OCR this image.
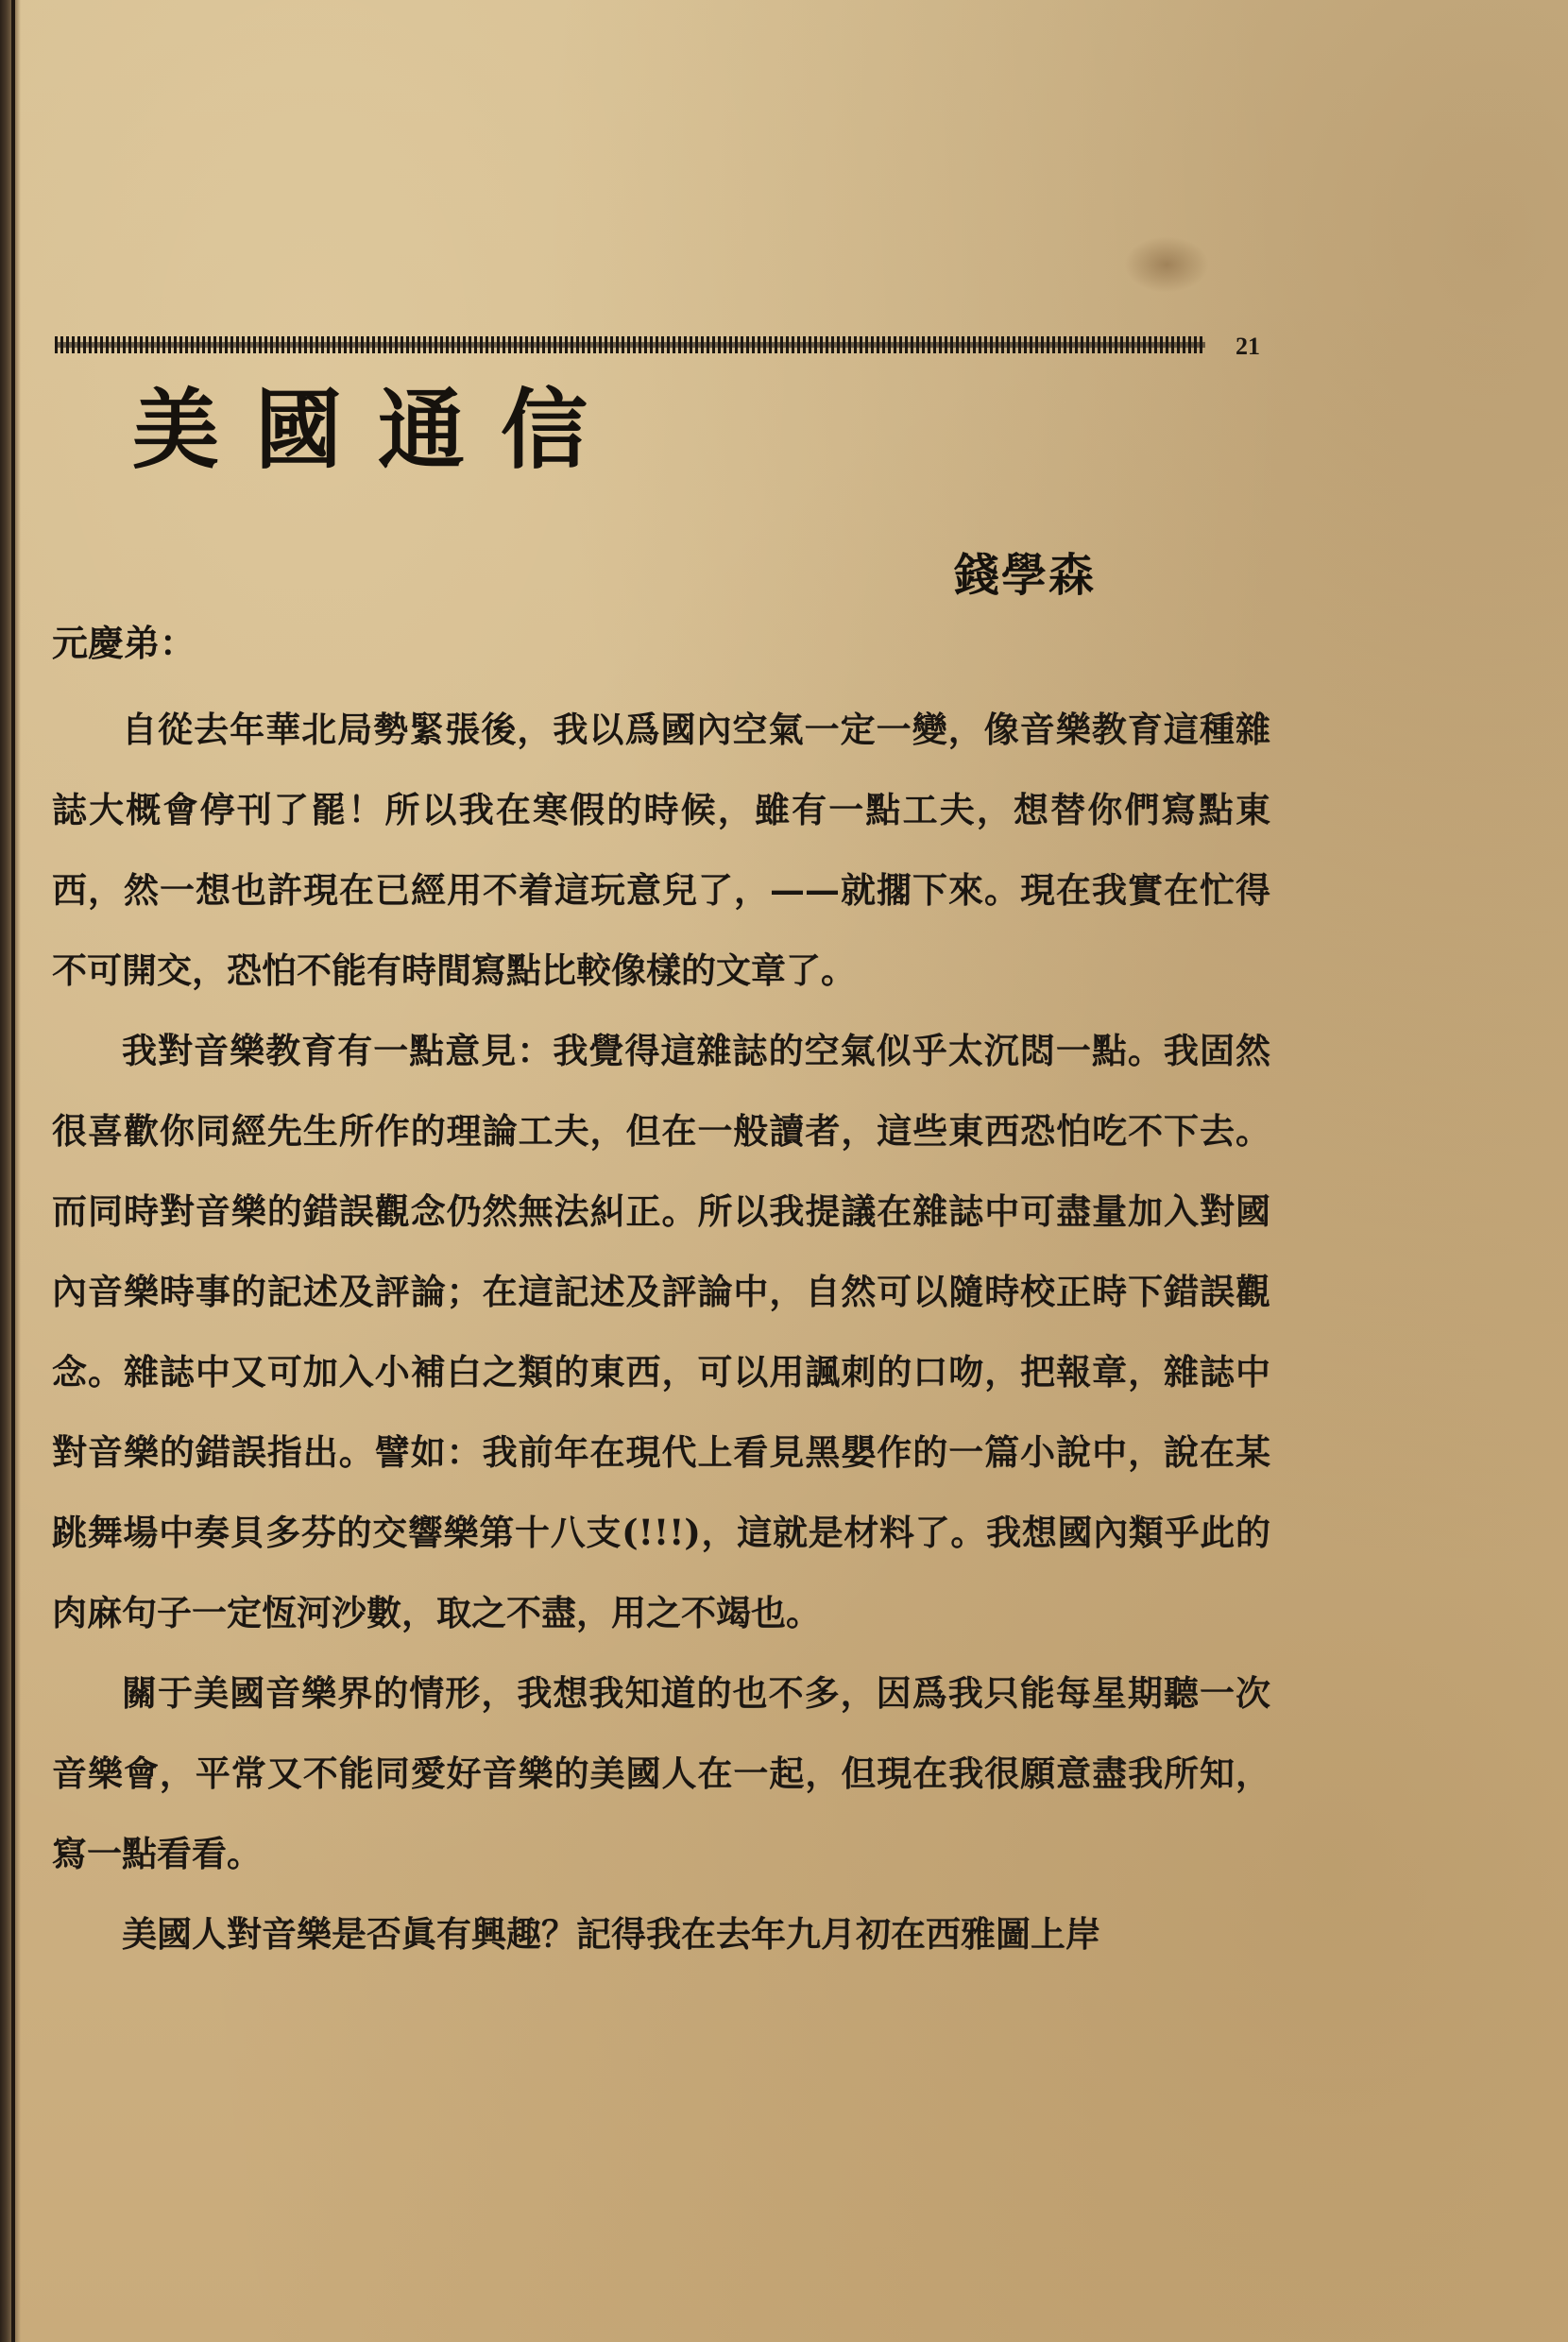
21
美國通信
錢學森
元慶弟：

自從去年華北局勢緊張後，我以爲國內空氣一定一變，像音樂教育這種雜誌大概會停刊了罷！所以我在寒假的時候，雖有一點工夫，想替你們寫點東西，然一想也許現在已經用不着這玩意兒了，——就擱下來。現在我實在忙得不可開交，恐怕不能有時間寫點比較像樣的文章了。

我對音樂教育有一點意見：我覺得這雜誌的空氣似乎太沉悶一點。我固然很喜歡你同經先生所作的理論工夫，但在一般讀者，這些東西恐怕吃不下去。而同時對音樂的錯誤觀念仍然無法糾正。所以我提議在雜誌中可盡量加入對國內音樂時事的記述及評論；在這記述及評論中，自然可以隨時校正時下錯誤觀念。雜誌中又可加入小補白之類的東西，可以用諷刺的口吻，把報章，雜誌中對音樂的錯誤指出。譬如：我前年在現代上看見黑嬰作的一篇小說中，說在某跳舞場中奏貝多芬的交響樂第十八支(!!!)，這就是材料了。我想國內類乎此的肉麻句子一定恆河沙數，取之不盡，用之不竭也。

關于美國音樂界的情形，我想我知道的也不多，因爲我只能每星期聽一次音樂會，平常又不能同愛好音樂的美國人在一起，但現在我很願意盡我所知，寫一點看看。

美國人對音樂是否眞有興趣？記得我在去年九月初在西雅圖上岸
